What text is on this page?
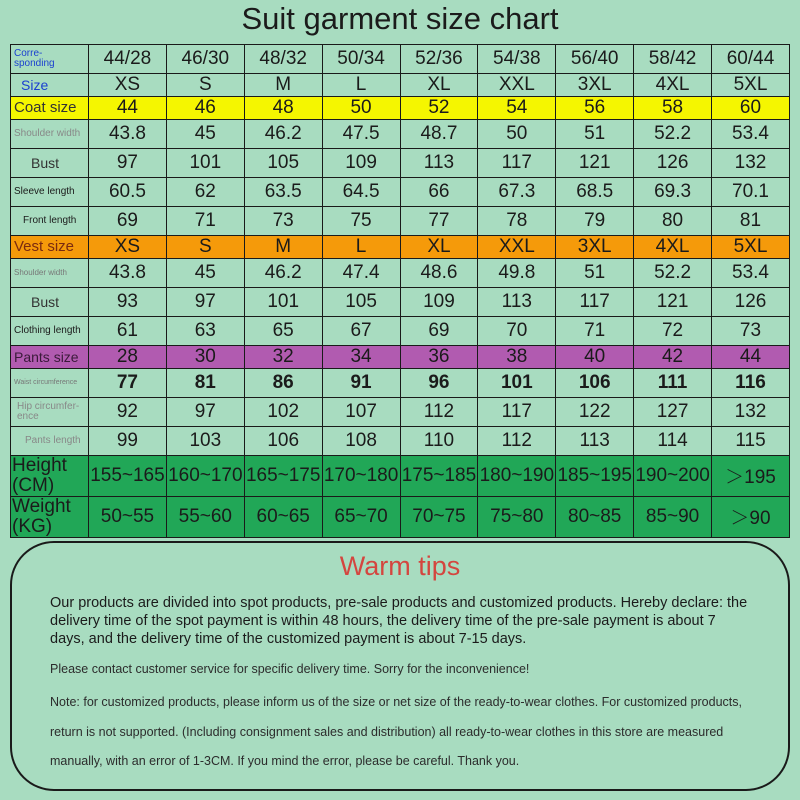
Suit garment size chart
Corre-
sponding	44/28	46/30	48/32	50/34	52/36	54/38	56/40	58/42	60/44
Size	XS	S	M	L	XL	XXL	3XL	4XL	5XL
Coat size	44	46	48	50	52	54	56	58	60
Shoulder width	43.8	45	46.2	47.5	48.7	50	51	52.2	53.4
Bust	97	101	105	109	113	117	121	126	132
Sleeve length	60.5	62	63.5	64.5	66	67.3	68.5	69.3	70.1
Front length	69	71	73	75	77	78	79	80	81
Vest size	XS	S	M	L	XL	XXL	3XL	4XL	5XL
Shoulder width	43.8	45	46.2	47.4	48.6	49.8	51	52.2	53.4
Bust	93	97	101	105	109	113	117	121	126
Clothing length	61	63	65	67	69	70	71	72	73
Pants size	28	30	32	34	36	38	40	42	44
Waist circumference	77	81	86	91	96	101	106	111	116
Hip circumfer-
ence	92	97	102	107	112	117	122	127	132
Pants length	99	103	106	108	110	112	113	114	115
Height (CM)	155~165	160~170	165~175	170~180	175~185	180~190	185~195	190~200	＞195
Weight (KG)	50~55	55~60	60~65	65~70	70~75	75~80	80~85	85~90	＞90
Warm tips
Our products are divided into spot products, pre-sale products and customized products. Hereby declare: the delivery time of the spot payment is within 48 hours, the delivery time of the pre-sale payment is about 7 days, and the delivery time of the customized payment is about 7-15 days.
Please contact customer service for specific delivery time. Sorry for the inconvenience!
Note: for customized products, please inform us of the size or net size of the ready-to-wear clothes. For customized products, return is not supported. (Including consignment sales and distribution) all ready-to-wear clothes in this store are measured manually, with an error of 1-3CM. If you mind the error, please be careful. Thank you.
